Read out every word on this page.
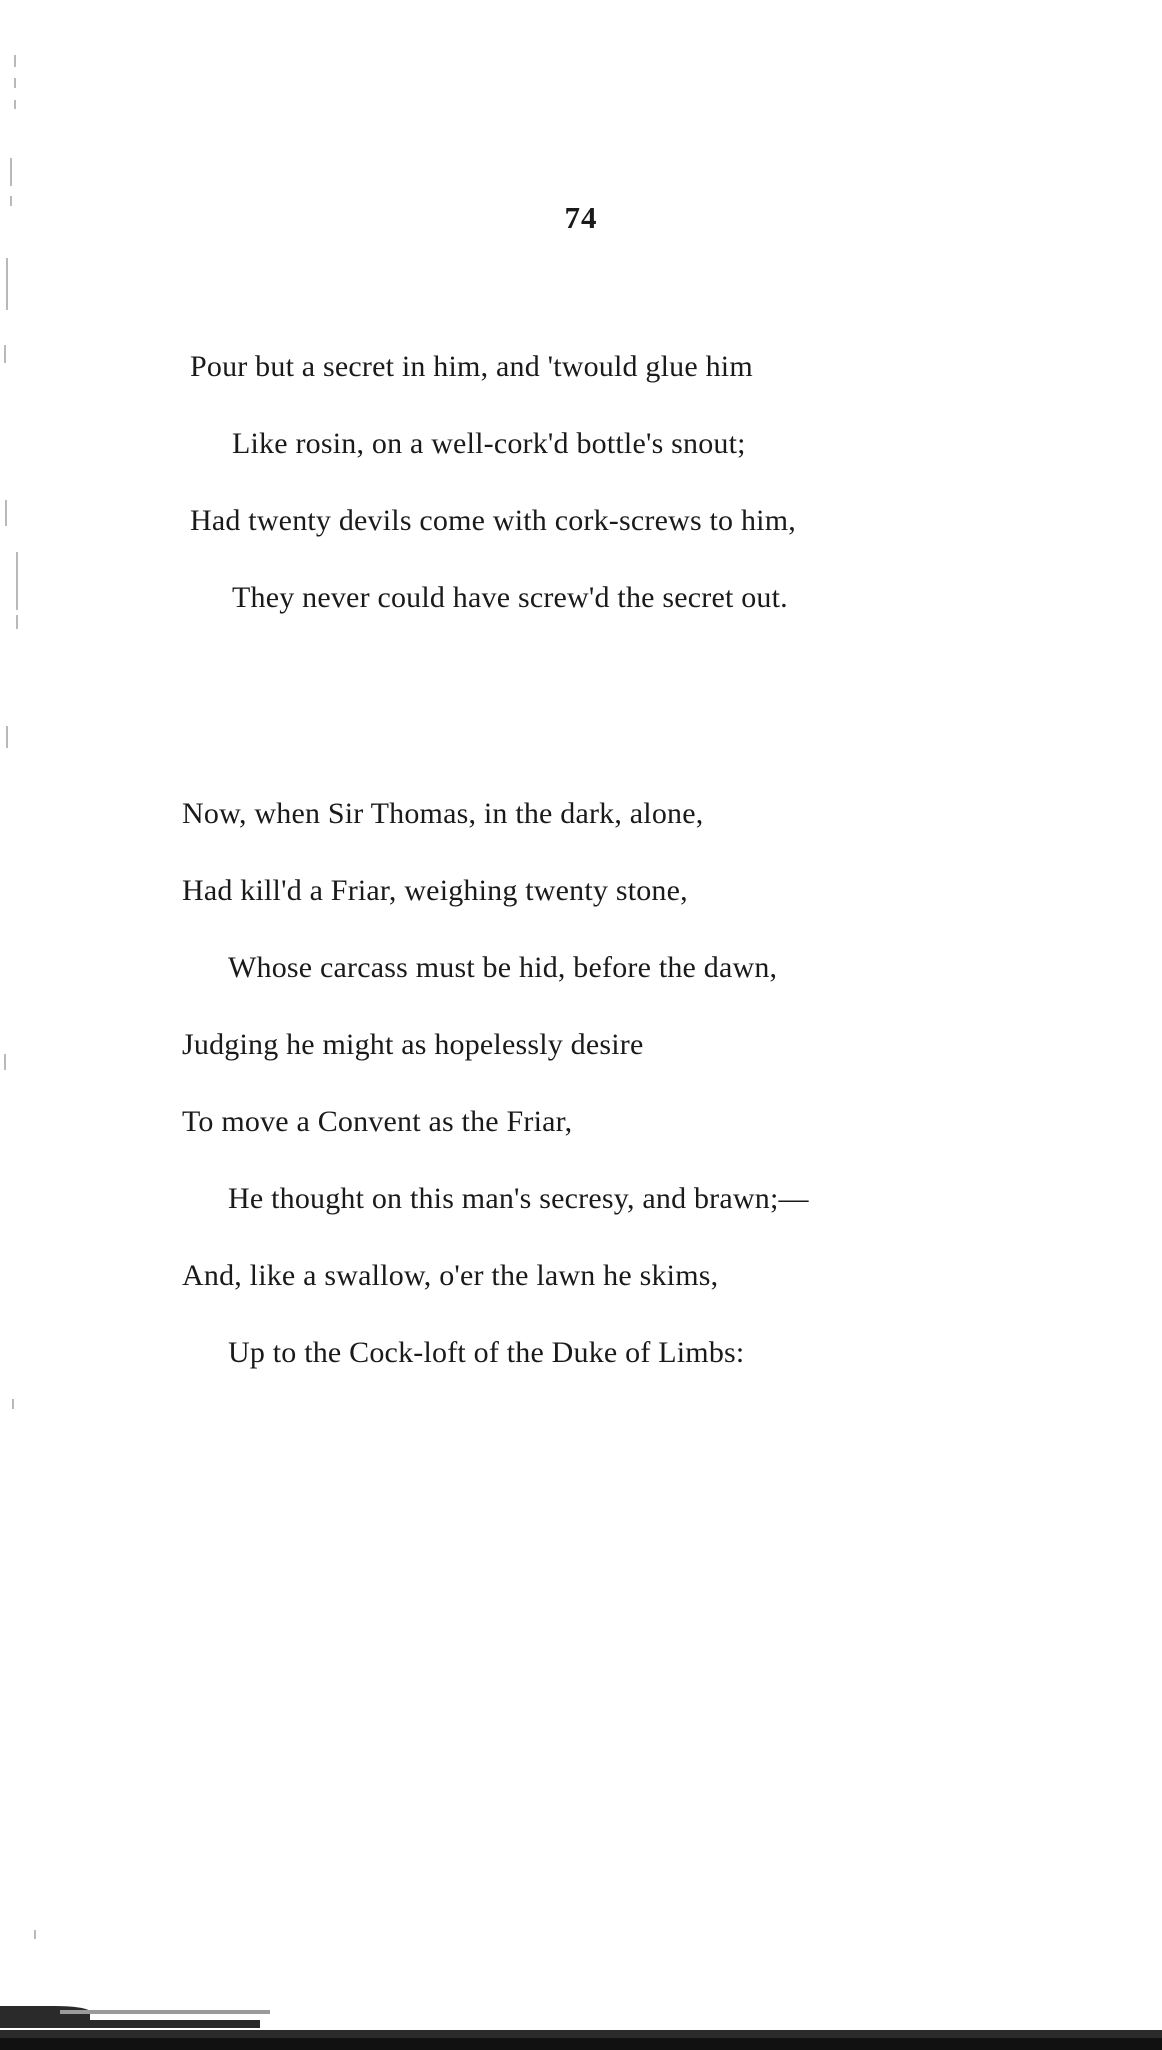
74
Pour but a secret in him, and 'twould glue him
Like rosin, on a well-cork'd bottle's snout;
Had twenty devils come with cork-screws to him,
They never could have screw'd the secret out.
Now, when Sir Thomas, in the dark, alone,
Had kill'd a Friar, weighing twenty stone,
Whose carcass must be hid, before the dawn,
Judging he might as hopelessly desire
To move a Convent as the Friar,
He thought on this man's secresy, and brawn;—
And, like a swallow, o'er the lawn he skims,
Up to the Cock-loft of the Duke of Limbs:
